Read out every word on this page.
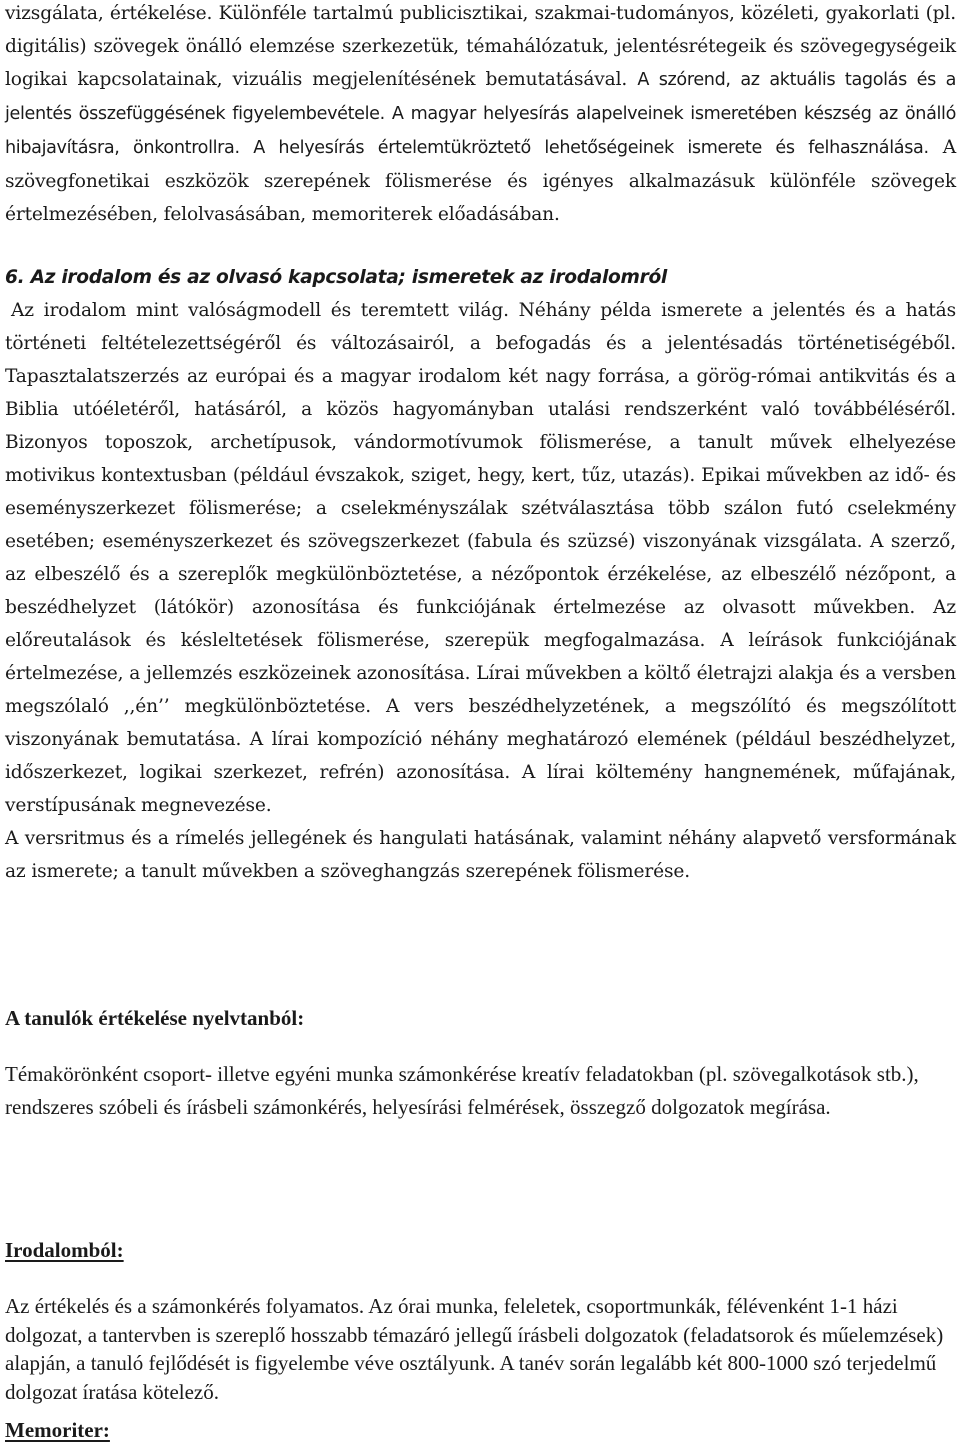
vizsgálata, értékelése. Különféle tartalmú publicisztikai, szakmai-tudományos, közéleti, gyakorlati (pl. digitális) szövegek önálló elemzése szerkezetük, témahálózatuk, jelentésrétegeik és szövegegységeik logikai kapcsolatainak, vizuális megjelenítésének bemutatásával. A szórend, az aktuális tagolás és a jelentés összefüggésének figyelembevétele. A magyar helyesírás alapelveinek ismeretében készség az önálló hibajavításra, önkontrollra. A helyesírás értelemtükröztető lehetőségeinek ismerete és felhasználása. A szövegfonetikai eszközök szerepének fölismerése és igényes alkalmazásuk különféle szövegek értelmezésében, felolvasásában, memoriterek előadásában.

6. Az irodalom és az olvasó kapcsolata; ismeretek az irodalomról

Az irodalom mint valóságmodell és teremtett világ. Néhány példa ismerete a jelentés és a hatás történeti feltételezettségéről és változásairól, a befogadás és a jelentésadás történetiségéből. Tapasztalatszerzés az európai és a magyar irodalom két nagy forrása, a görög-római antikvitás és a Biblia utóéletéről, hatásáról, a közös hagyományban utalási rendszerként való továbbéléséről. Bizonyos toposzok, archetípusok, vándormotívumok fölismerése, a tanult művek elhelyezése motivikus kontextusban (például évszakok, sziget, hegy, kert, tűz, utazás). Epikai művekben az idő- és eseményszerkezet fölismerése; a cselekményszálak szétválasztása több szálon futó cselekmény esetében; eseményszerkezet és szövegszerkezet (fabula és szüzsé) viszonyának vizsgálata. A szerző, az elbeszélő és a szereplők megkülönböztetése, a nézőpontok érzékelése, az elbeszélő nézőpont, a beszédhelyzet (látókör) azonosítása és funkciójának értelmezése az olvasott művekben. Az előreutalások és késleltetések fölismerése, szerepük megfogalmazása. A leírások funkciójának értelmezése, a jellemzés eszközeinek azonosítása. Lírai művekben a költő életrajzi alakja és a versben megszólaló ,,én’’ megkülönböztetése. A vers beszédhelyzetének, a megszólító és megszólított viszonyának bemutatása. A lírai kompozíció néhány meghatározó elemének (például beszédhelyzet, időszerkezet, logikai szerkezet, refrén) azonosítása. A lírai költemény hangnemének, műfajának, verstípusának megnevezése.

A versritmus és a rímelés jellegének és hangulati hatásának, valamint néhány alapvető versformának az ismerete; a tanult művekben a szöveghangzás szerepének fölismerése.

A tanulók értékelése nyelvtanból:

Témakörönként csoport- illetve egyéni munka számonkérése kreatív feladatokban (pl. szövegalkotások stb.), rendszeres szóbeli és írásbeli számonkérés, helyesírási felmérések, összegző dolgozatok megírása.

Irodalomból:

Az értékelés és a számonkérés folyamatos. Az órai munka, feleletek, csoportmunkák, félévenként 1-1 házi dolgozat, a tantervben is szereplő hosszabb témazáró jellegű írásbeli dolgozatok (feladatsorok és műelemzések) alapján, a tanuló fejlődését is figyelembe véve osztályunk. A tanév során legalább két 800-1000 szó terjedelmű dolgozat íratása kötelező.

Memoriter:
